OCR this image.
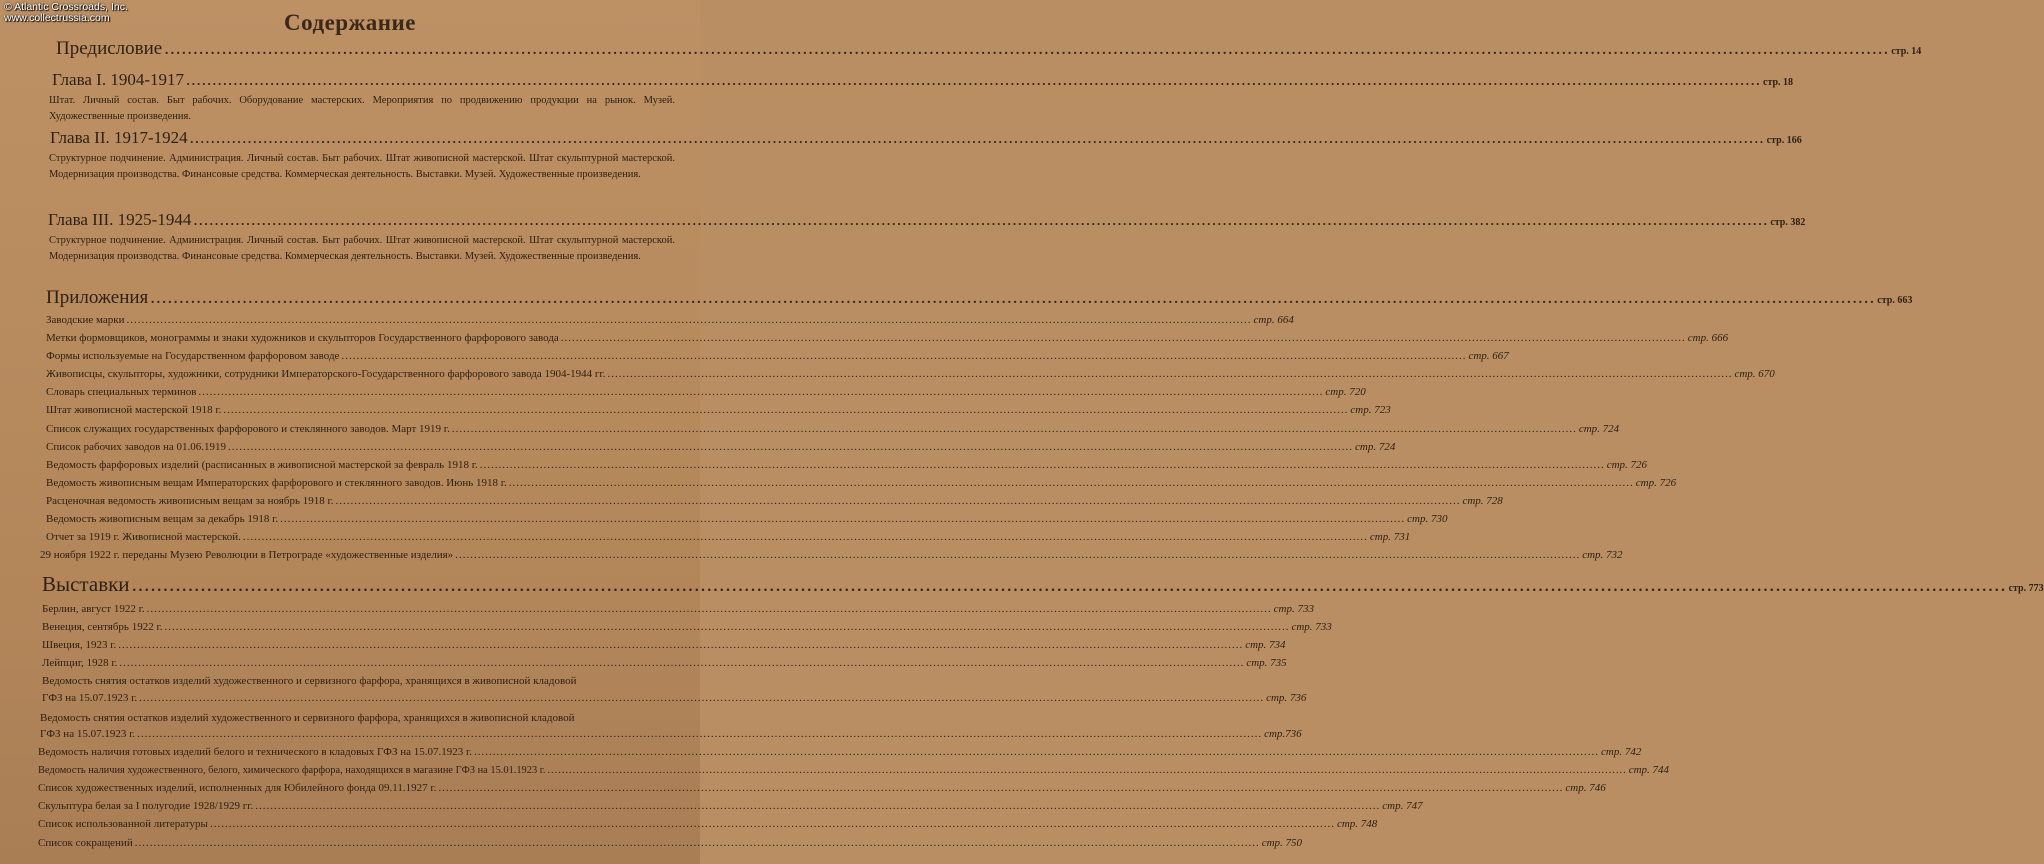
© Atlantic Crossroads, Inc.
www.collectrussia.com	Содержание
Предисловие ............................................................................................................................................................................................................................................................................................................ стр. 14
Глава I. 1904-1917 ............................................................................................................................................................................................................................................................................................................ стр. 18

Штат. Личный состав. Быт рабочих. Оборудование мастерских. Мероприятия по продвижению продукции на рынок. Музей. Художественные произведения.

Глава II. 1917-1924 ............................................................................................................................................................................................................................................................................................................ стр. 166

Структурное подчинение. Администрация. Личный состав. Быт рабочих. Штат живописной мастерской. Штат скульптурной мастерской. Модернизация производства. Финансовые средства. Коммерческая деятельность. Выставки. Музей. Художественные произведения.

Глава III. 1925-1944 ............................................................................................................................................................................................................................................................................................................ стр. 382

Структурное подчинение. Администрация. Личный состав. Быт рабочих. Штат живописной мастерской. Штат скульптурной мастерской. Модернизация производства. Финансовые средства. Коммерческая деятельность. Выставки. Музей. Художественные произведения.

Приложения ............................................................................................................................................................................................................................................................................................................ стр. 663
Заводские марки ............................................................................................................................................................................................................................................................................................................ стр. 664
Метки формовщиков, монограммы и знаки художников и скульпторов Государственного фарфорового завода ............................................................................................................................................................................................................................................................................................................ стр. 666
Формы используемые на Государственном фарфоровом заводе ............................................................................................................................................................................................................................................................................................................ стр. 667
Живописцы, скульпторы, художники, сотрудники Императорского-Государственного фарфорового завода 1904-1944 гг. ............................................................................................................................................................................................................................................................................................................ стр. 670
Словарь специальных терминов ............................................................................................................................................................................................................................................................................................................ стр. 720
Штат живописной мастерской 1918 г. ............................................................................................................................................................................................................................................................................................................ стр. 723
Список служащих государственных фарфорового и стеклянного заводов. Март 1919 г. ............................................................................................................................................................................................................................................................................................................ стр. 724
Список рабочих заводов на 01.06.1919 ............................................................................................................................................................................................................................................................................................................ стр. 724
Ведомость фарфоровых изделий (расписанных в живописной мастерской за февраль 1918 г. ............................................................................................................................................................................................................................................................................................................ стр. 726
Ведомость живописным вещам Императорских фарфорового и стеклянного заводов. Июнь 1918 г. ............................................................................................................................................................................................................................................................................................................ стр. 726
Расценочная ведомость живописным вещам за ноябрь 1918 г. ............................................................................................................................................................................................................................................................................................................ стр. 728
Ведомость живописным вещам за декабрь 1918 г. ............................................................................................................................................................................................................................................................................................................ стр. 730
Отчет за 1919 г. Живописной мастерской. ............................................................................................................................................................................................................................................................................................................ стр. 731
29 ноября 1922 г. переданы Музею Революции в Петрограде «художественные изделия» ............................................................................................................................................................................................................................................................................................................ стр. 732
Выставки ............................................................................................................................................................................................................................................................................................................ стр. 773
Берлин, август 1922 г. ............................................................................................................................................................................................................................................................................................................ стр. 733
Венеция, сентябрь 1922 г. ............................................................................................................................................................................................................................................................................................................ стр. 733
Швеция, 1923 г. ............................................................................................................................................................................................................................................................................................................ стр. 734
Лейпциг, 1928 г. ............................................................................................................................................................................................................................................................................................................ стр. 735
Ведомость снятия остатков изделий художественного и сервизного фарфора, хранящихся в живописной кладовой
ГФЗ на 15.07.1923 г. ............................................................................................................................................................................................................................................................................................................ стр. 736
Ведомость снятия остатков изделий художественного и сервизного фарфора, хранящихся в живописной кладовой
ГФЗ на 15.07.1923 г. ............................................................................................................................................................................................................................................................................................................ стр.736
Ведомость наличия готовых изделий белого и технического в кладовых ГФЗ на 15.07.1923 г. ............................................................................................................................................................................................................................................................................................................ стр. 742
Ведомость наличия художественного, белого, химического фарфора, находящихся в магазине ГФЗ на 15.01.1923 г. ............................................................................................................................................................................................................................................................................................................ стр. 744
Список художественных изделий, исполненных для Юбилейного фонда 09.11.1927 г. ............................................................................................................................................................................................................................................................................................................ стр. 746
Скульптура белая за I полугодие 1928/1929 гг. ............................................................................................................................................................................................................................................................................................................ стр. 747
Список использованной литературы ............................................................................................................................................................................................................................................................................................................ стр. 748
Список сокращений ............................................................................................................................................................................................................................................................................................................ стр. 750
